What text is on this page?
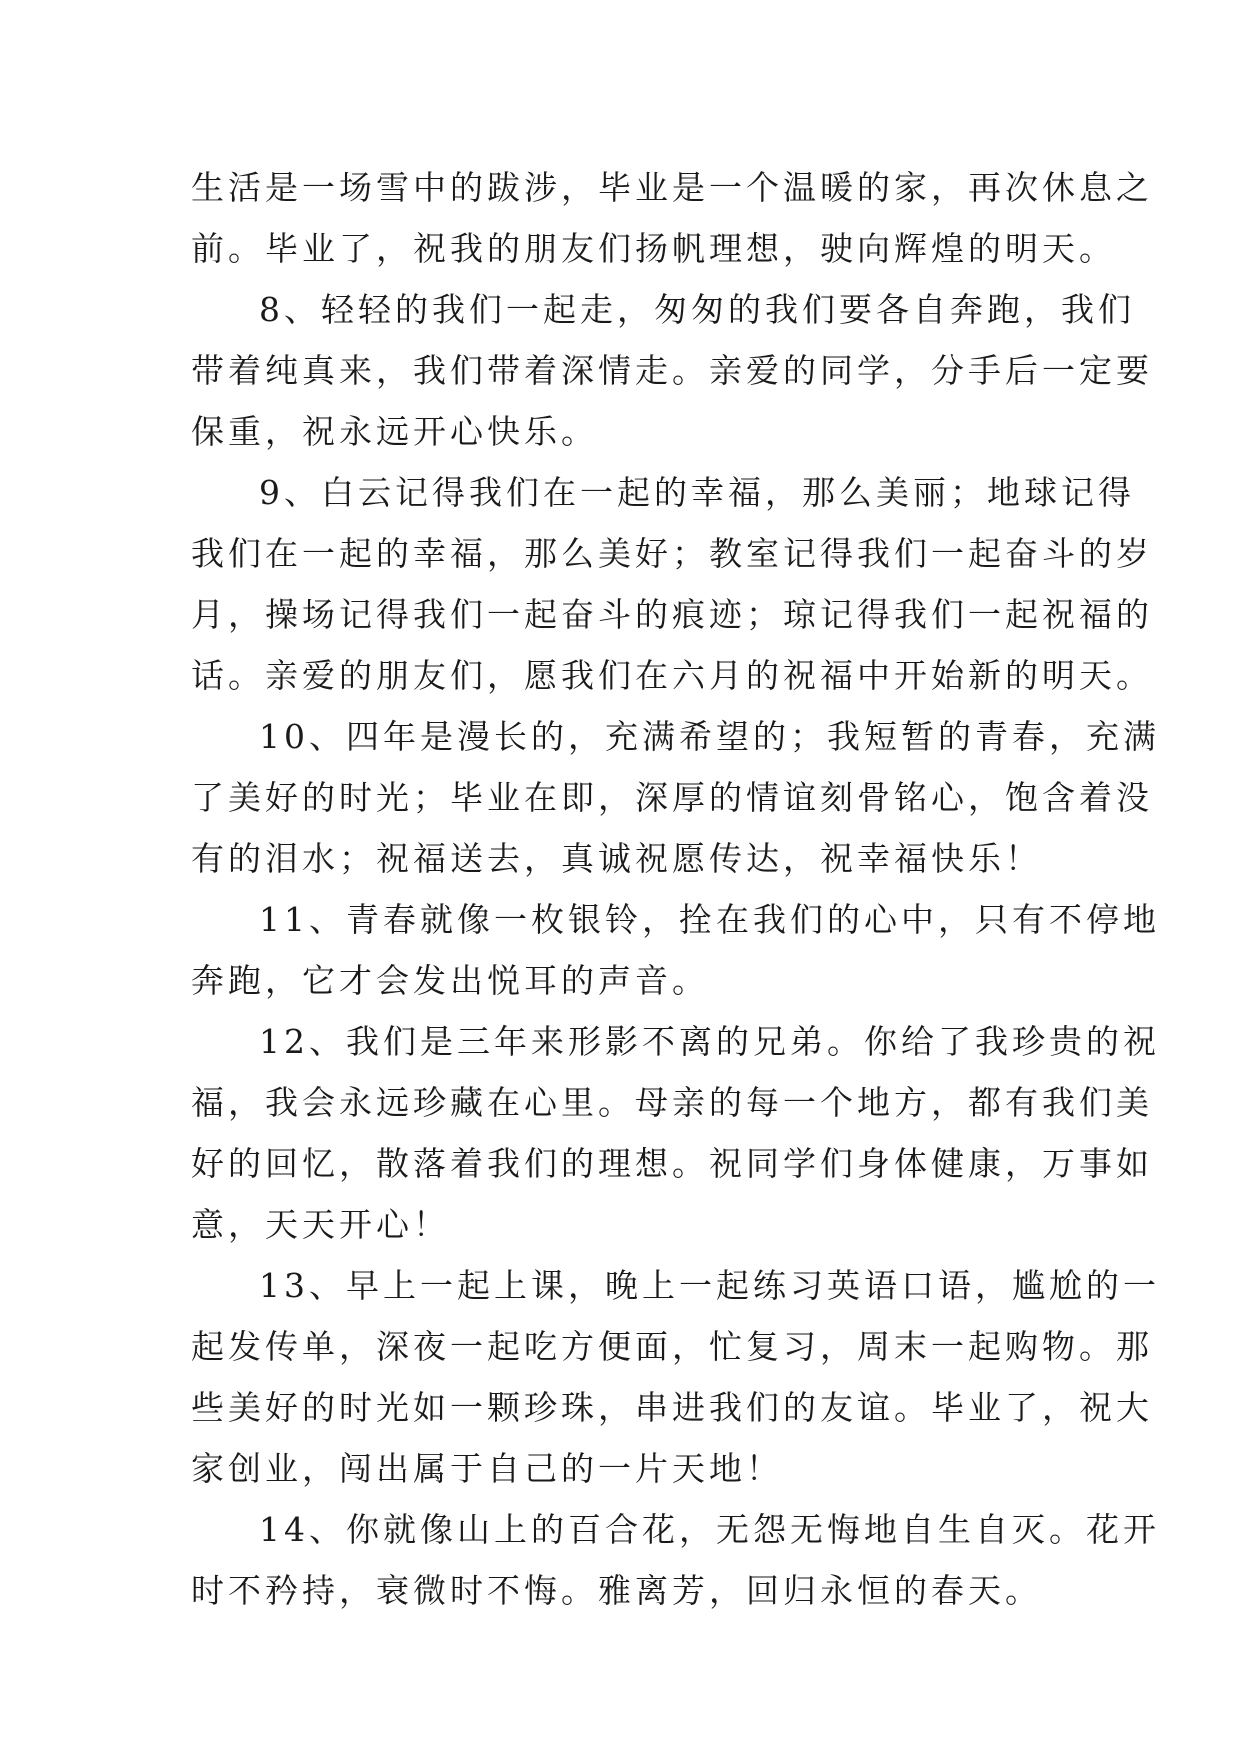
生活是一场雪中的跋涉，毕业是一个温暖的家，再次休息之
前。毕业了，祝我的朋友们扬帆理想，驶向辉煌的明天。
8、轻轻的我们一起走，匆匆的我们要各自奔跑，我们
带着纯真来，我们带着深情走。亲爱的同学，分手后一定要
保重，祝永远开心快乐。
9、白云记得我们在一起的幸福，那么美丽；地球记得
我们在一起的幸福，那么美好；教室记得我们一起奋斗的岁
月，操场记得我们一起奋斗的痕迹；琼记得我们一起祝福的
话。亲爱的朋友们，愿我们在六月的祝福中开始新的明天。
10、四年是漫长的，充满希望的；我短暂的青春，充满
了美好的时光；毕业在即，深厚的情谊刻骨铭心，饱含着没
有的泪水；祝福送去，真诚祝愿传达，祝幸福快乐！
11、青春就像一枚银铃，拴在我们的心中，只有不停地
奔跑，它才会发出悦耳的声音。
12、我们是三年来形影不离的兄弟。你给了我珍贵的祝
福，我会永远珍藏在心里。母亲的每一个地方，都有我们美
好的回忆，散落着我们的理想。祝同学们身体健康，万事如
意，天天开心！
13、早上一起上课，晚上一起练习英语口语，尴尬的一
起发传单，深夜一起吃方便面，忙复习，周末一起购物。那
些美好的时光如一颗珍珠，串进我们的友谊。毕业了，祝大
家创业，闯出属于自己的一片天地！
14、你就像山上的百合花，无怨无悔地自生自灭。花开
时不矜持，衰微时不悔。雅离芳，回归永恒的春天。
